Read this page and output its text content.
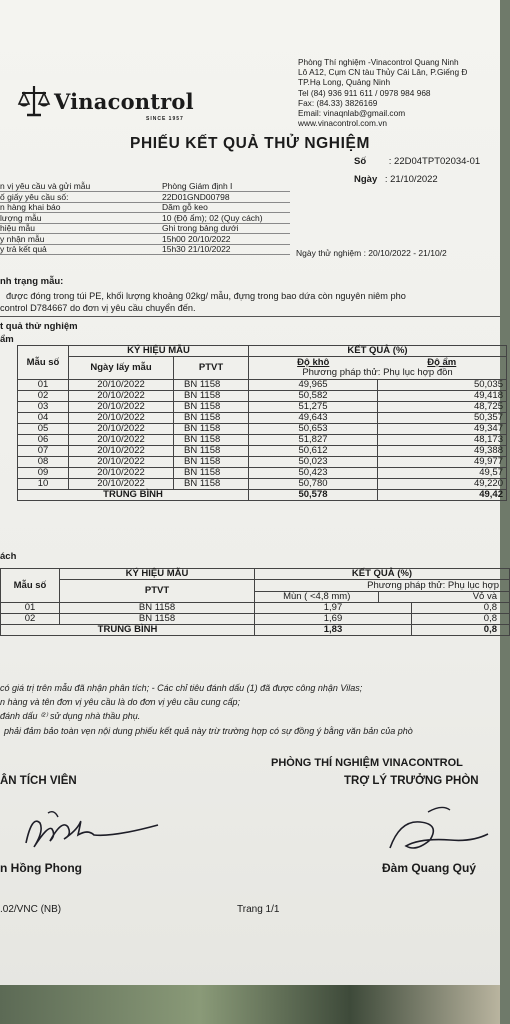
Vinacontrol
SINCE 1957
Phòng Thí nghiệm -Vinacontrol Quang Ninh
Lô A12, Cụm CN tàu Thủy Cái Lân, P.Giếng Đ
TP.Hạ Long, Quảng Ninh
Tel (84) 936 911 611 / 0978 984 968
Fax: (84.33) 3826169
Email: vinaqnlab@gmail.com
www.vinacontrol.com.vn
PHIẾU KẾT QUẢ THỬ NGHIỆM
Số : 22D04TPT02034-01
Ngày : 21/10/2022
n vị yêu cầu và gửi mẫu	Phòng Giám định I
ố giấy yêu cầu số:	22D01GND00798
n hàng khai báo	Dăm gỗ keo
lượng mẫu	10 (Độ ẩm); 02 (Quy cách)
hiệu mẫu	Ghi trong bảng dưới
y nhận mẫu	15h00 20/10/2022
y trả kết quả	15h30 21/10/2022	Ngày thử nghiệm : 20/10/2022 - 21/10/2
nh trạng mẫu:
được đóng trong túi PE, khối lượng khoảng 02kg/ mẫu, đựng trong bao dứa còn nguyên niêm pho
control D784667 do đơn vị yêu cầu chuyển đến.
t quả thử nghiệm
ẩm
Mẫu số	KÝ HIỆU MẪU		KẾT QUẢ (%)	
	Ngày lấy mẫu	PTVT	Độ khô Độ ẩm
Phương pháp thử: Phụ lục hợp đồn	

01	20/10/2022	BN 1158	49,965	50,035
02	20/10/2022	BN 1158	50,582	49,418
03	20/10/2022	BN 1158	51,275	48,725
04	20/10/2022	BN 1158	49,643	50,357
05	20/10/2022	BN 1158	50,653	49,347
06	20/10/2022	BN 1158	51,827	48,173
07	20/10/2022	BN 1158	50,612	49,388
08	20/10/2022	BN 1158	50,023	49,977
09	20/10/2022	BN 1158	50,423	49,57
10	20/10/2022	BN 1158	50,780	49,220
TRUNG BÌNH			50,578	49,42
ách
Mẫu số	KÝ HIỆU MẪU	KẾT QUẢ (%)	
	PTVT	Phương pháp thử: Phụ lục hợp
Mùn ( <4,8 mm) Vỏ và	

01	BN 1158	1,97	0,8
02	BN 1158	1,69	0,8
TRUNG BÌNH		1,83	0,8
có giá trị trên mẫu đã nhận phân tích; - Các chỉ tiêu đánh dấu (1) đã được công nhận Vilas;
n hàng và tên đơn vị yêu cầu là do đơn vị yêu cầu cung cấp;
đánh dấu ⁽²⁾ sử dụng nhà thầu phụ.
phải đảm bảo toàn vẹn nội dung phiếu kết quả này trừ trường hợp có sự đồng ý bằng văn bản của phò
PHÒNG THÍ NGHIỆM VINACONTROL
ÂN TÍCH VIÊN	TRỢ LÝ TRƯỞNG PHÒN
n Hồng Phong	Đàm Quang Quý
.02/VNC (NB)	Trang 1/1
